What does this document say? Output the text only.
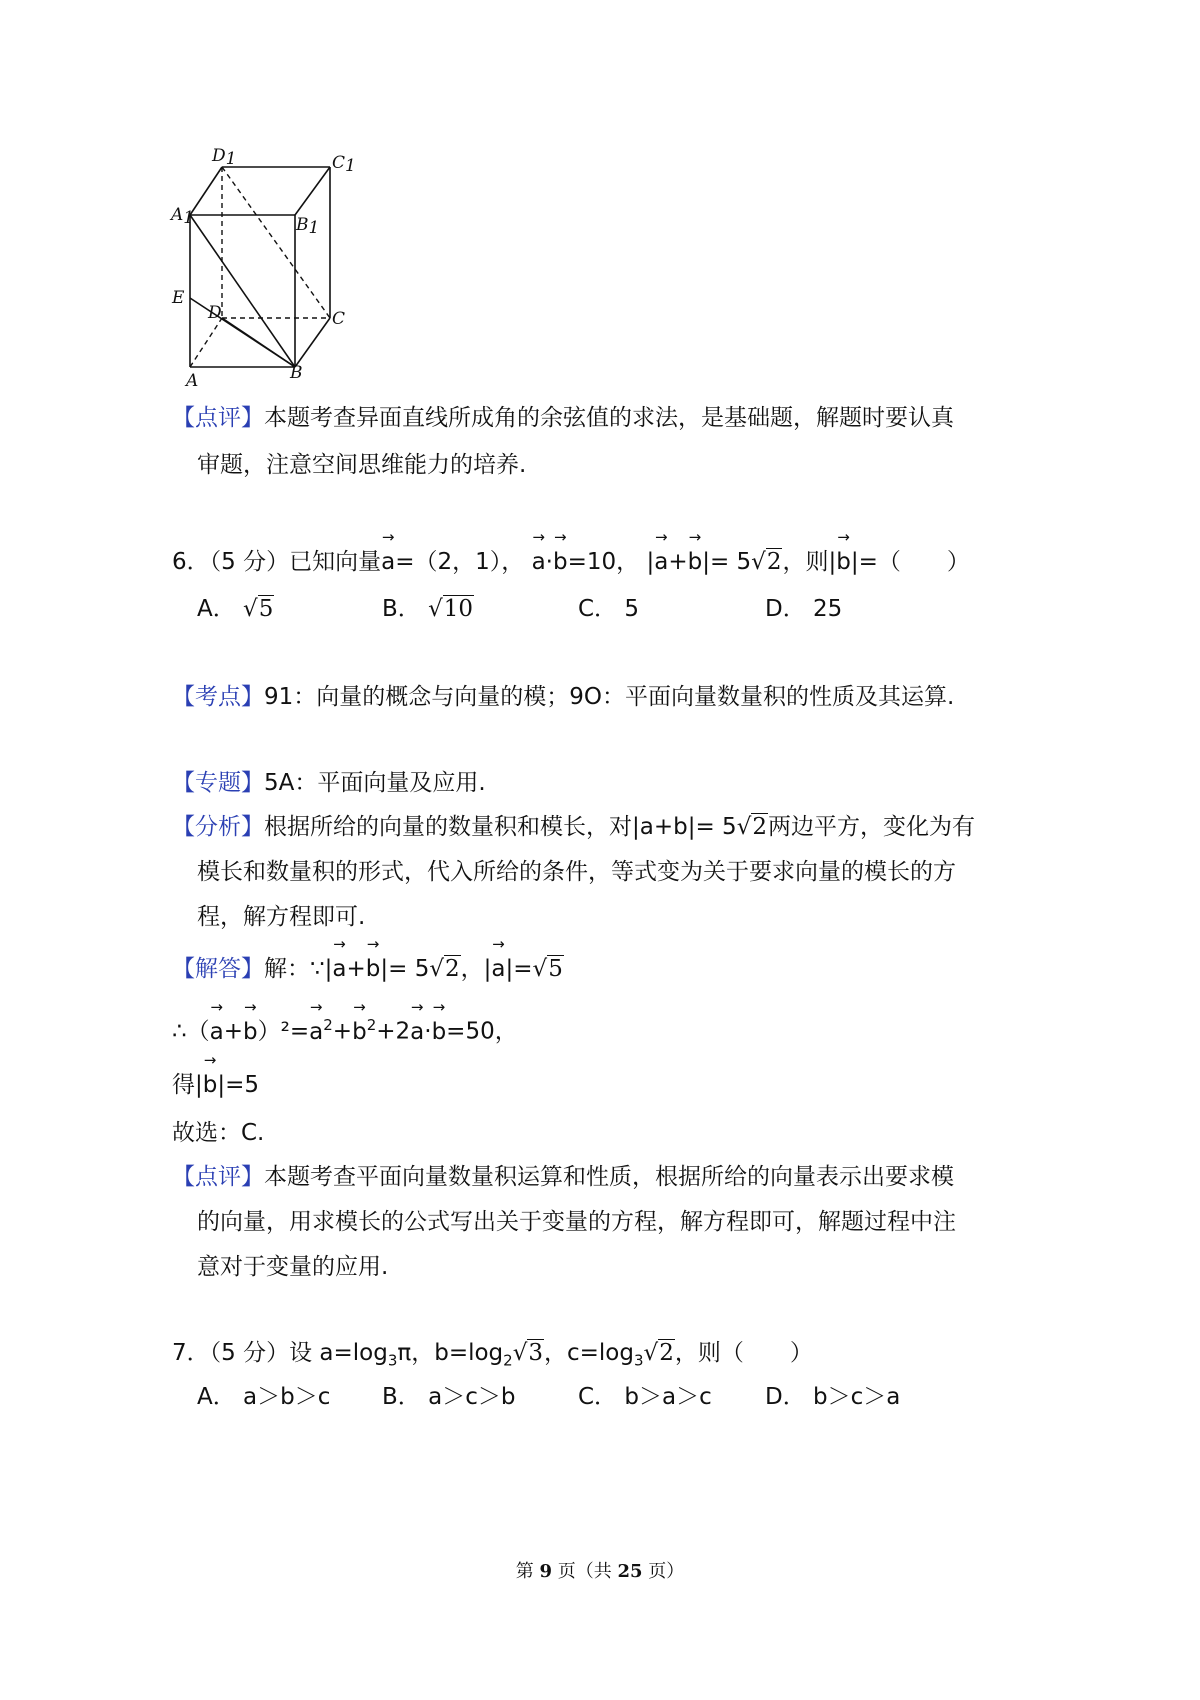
D1	C1
A1	B1
E
D	C
A	B
【点评】本题考查异面直线所成角的余弦值的求法，是基础题，解题时要认真
审题，注意空间思维能力的培养.
6．（5 分）已知向量→ a=（2，1）， → a·→ b=10， |→ a+→ b|= 5√2，则|→ b|=（　　）
A． √5	B． √10	C． 5	D． 25
【考点】91：向量的概念与向量的模；9O：平面向量数量积的性质及其运算.
【专题】5A：平面向量及应用.
【分析】根据所给的向量的数量积和模长，对|a+b|= 5√2两边平方，变化为有
模长和数量积的形式，代入所给的条件，等式变为关于要求向量的模长的方
程，解方程即可.
【解答】解：∵|→ a+→ b|= 5√2，|→ a|=√5
∴（→ $a+\to b)^2=\to a^2+\to b^2+2\to a\cdot\to b=50$，
得|→ b|=5
故选：C.
【点评】本题考查平面向量数量积运算和性质，根据所给的向量表示出要求模
的向量，用求模长的公式写出关于变量的方程，解方程即可，解题过程中注
意对于变量的应用.
7．（5 分）设 $a=\log_3\pi$，$b=\log_2√3$，$c=\log_3√2$，则（　　）
A． a＞b＞c B． a＞c＞b	C． b＞a＞c D． b＞c＞a
第 9 页（共 25 页）
